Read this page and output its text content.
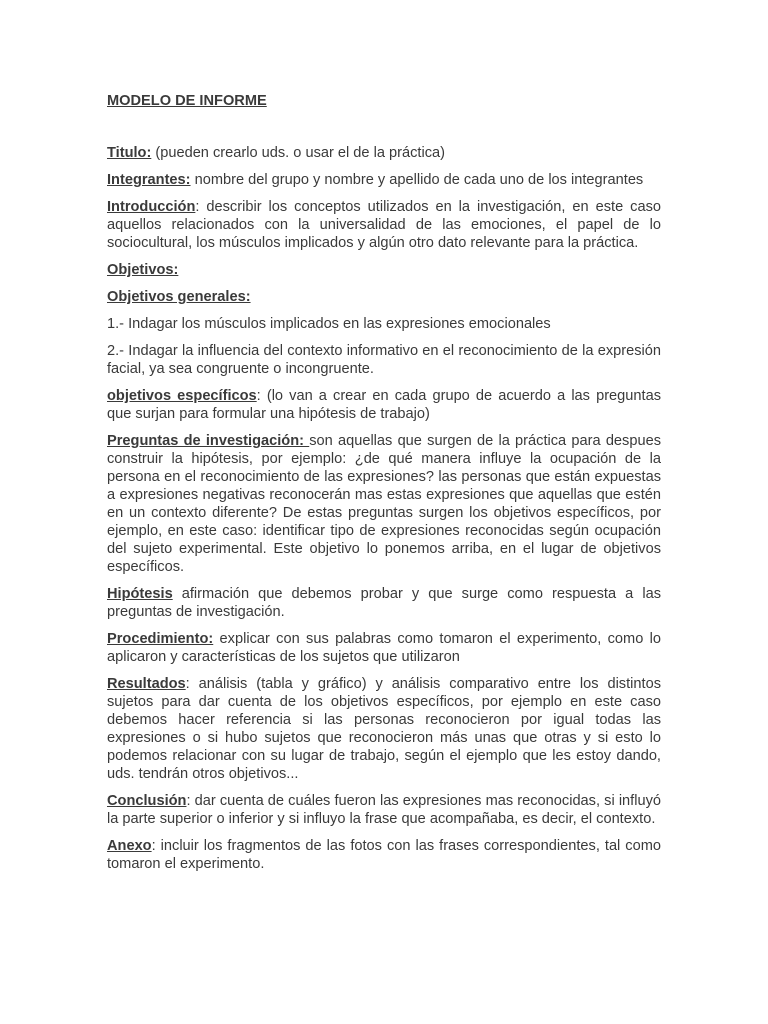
MODELO DE INFORME

Titulo: (pueden crearlo uds. o usar el de la práctica)

Integrantes: nombre del grupo y nombre y apellido de cada uno de los integrantes

Introducción: describir los conceptos utilizados en la investigación, en este caso aquellos relacionados con la universalidad de las emociones, el papel de lo sociocultural, los músculos implicados y algún otro dato relevante para la práctica.

Objetivos:

Objetivos generales:

1.- Indagar los músculos implicados en las expresiones emocionales

2.- Indagar la influencia del contexto informativo en el reconocimiento de la expresión facial, ya sea congruente o incongruente.

objetivos específicos: (lo van a crear en cada grupo de acuerdo a las preguntas que surjan para formular una hipótesis de trabajo)

Preguntas de investigación: son aquellas que surgen de la práctica para despues construir la hipótesis, por ejemplo: ¿de qué manera influye la ocupación de la persona en el reconocimiento de las expresiones? las personas que están expuestas a expresiones negativas reconocerán mas estas expresiones que aquellas que estén en un contexto diferente? De estas preguntas surgen los objetivos específicos, por ejemplo, en este caso: identificar tipo de expresiones reconocidas según ocupación del sujeto experimental. Este objetivo lo ponemos arriba, en el lugar de objetivos específicos.

Hipótesis afirmación que debemos probar y que surge como respuesta a las preguntas de investigación.

Procedimiento: explicar con sus palabras como tomaron el experimento, como lo aplicaron y características de los sujetos que utilizaron

Resultados: análisis (tabla y gráfico) y análisis comparativo entre los distintos sujetos para dar cuenta de los objetivos específicos, por ejemplo en este caso debemos hacer referencia si las personas reconocieron por igual todas las expresiones o si hubo sujetos que reconocieron más unas que otras y si esto lo podemos relacionar con su lugar de trabajo, según el ejemplo que les estoy dando, uds. tendrán otros objetivos...

Conclusión: dar cuenta de cuáles fueron las expresiones mas reconocidas, si influyó la parte superior o inferior y si influyo la frase que acompañaba, es decir, el contexto.

Anexo: incluir los fragmentos de las fotos con las frases correspondientes, tal como tomaron el experimento.
